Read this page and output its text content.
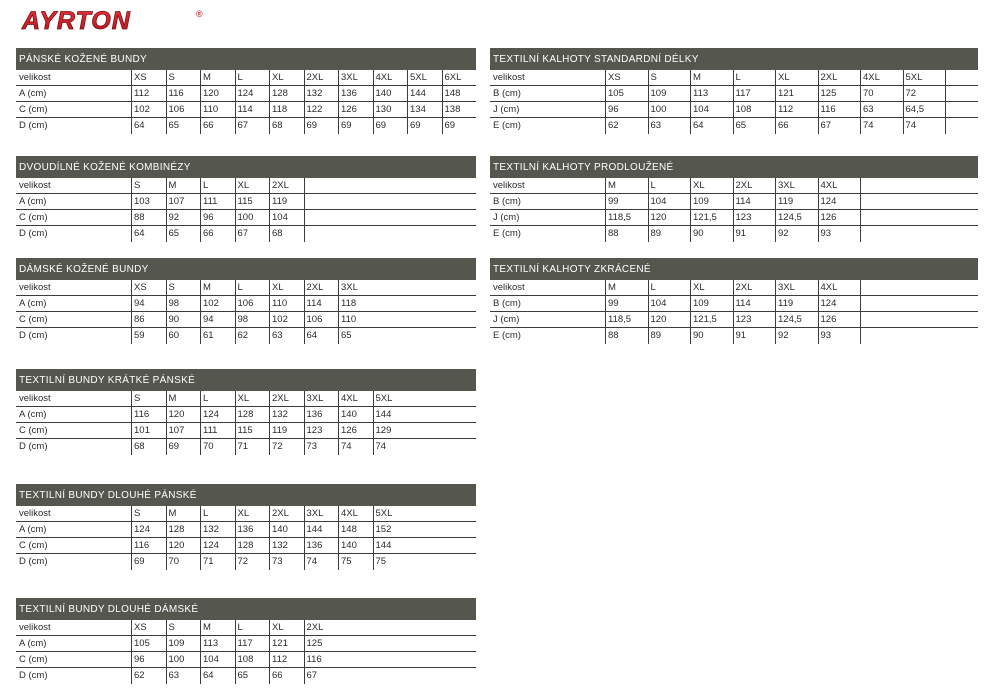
AYRTON	®
PÁNSKÉ KOŽENÉ BUNDY
velikost	XS	S	M	L	XL	2XL	3XL	4XL	5XL	6XL
A (cm)	112	116	120	124	128	132	136	140	144	148
C (cm)	102	106	110	114	118	122	126	130	134	138
D (cm)	64	65	66	67	68	69	69	69	69	69
DVOUDÍLNÉ KOŽENÉ KOMBINÉZY
velikost	S	M	L	XL	2XL
A (cm)	103	107	111	115	119
C (cm)	88	92	96	100	104
D (cm)	64	65	66	67	68
DÁMSKÉ KOŽENÉ BUNDY
velikost	XS	S	M	L	XL	2XL	3XL
A (cm)	94	98	102	106	110	114	118
C (cm)	86	90	94	98	102	106	110
D (cm)	59	60	61	62	63	64	65
TEXTILNÍ BUNDY KRÁTKÉ PÁNSKÉ
velikost	S	M	L	XL	2XL	3XL	4XL	5XL
A (cm)	116	120	124	128	132	136	140	144
C (cm)	101	107	111	115	119	123	126	129
D (cm)	68	69	70	71	72	73	74	74
TEXTILNÍ BUNDY DLOUHÉ PÁNSKÉ
velikost	S	M	L	XL	2XL	3XL	4XL	5XL
A (cm)	124	128	132	136	140	144	148	152
C (cm)	116	120	124	128	132	136	140	144
D (cm)	69	70	71	72	73	74	75	75
TEXTILNÍ BUNDY DLOUHÉ DÁMSKÉ
velikost	XS	S	M	L	XL	2XL
A (cm)	105	109	113	117	121	125
C (cm)	96	100	104	108	112	116
D (cm)	62	63	64	65	66	67
TEXTILNÍ KALHOTY STANDARDNÍ DÉLKY
velikost	XS	S	M	L	XL	2XL	4XL	5XL
B (cm)	105	109	113	117	121	125	70	72
J (cm)	96	100	104	108	112	116	63	64,5
E (cm)	62	63	64	65	66	67	74	74
TEXTILNÍ KALHOTY PRODLOUŽENÉ
velikost	M	L	XL	2XL	3XL	4XL
B (cm)	99	104	109	114	119	124
J (cm)	118,5	120	121,5	123	124,5	126
E (cm)	88	89	90	91	92	93
TEXTILNÍ KALHOTY ZKRÁCENÉ
velikost	M	L	XL	2XL	3XL	4XL
B (cm)	99	104	109	114	119	124
J (cm)	118,5	120	121,5	123	124,5	126
E (cm)	88	89	90	91	92	93
